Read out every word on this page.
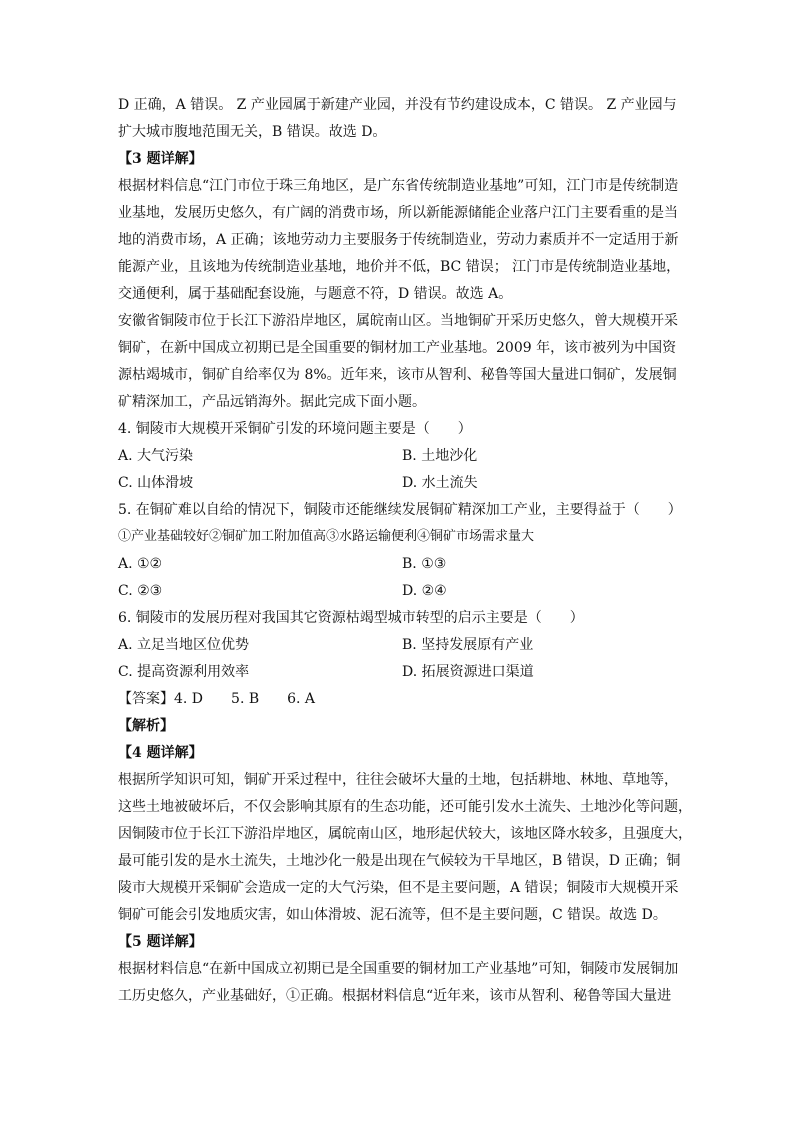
D 正确，A 错误。 Z 产业园属于新建产业园，并没有节约建设成本，C 错误。 Z 产业园与
扩大城市腹地范围无关，B 错误。故选 D。
【3 题详解】
根据材料信息“江门市位于珠三角地区，是广东省传统制造业基地”可知，江门市是传统制造
业基地，发展历史悠久，有广阔的消费市场，所以新能源储能企业落户江门主要看重的是当
地的消费市场，A 正确；该地劳动力主要服务于传统制造业，劳动力素质并不一定适用于新
能源产业，且该地为传统制造业基地，地价并不低，BC 错误； 江门市是传统制造业基地，
交通便利，属于基础配套设施，与题意不符，D 错误。故选 A。
安徽省铜陵市位于长江下游沿岸地区，属皖南山区。当地铜矿开采历史悠久，曾大规模开采
铜矿，在新中国成立初期已是全国重要的铜材加工产业基地。2009 年，该市被列为中国资
源枯竭城市，铜矿自给率仅为 8%。近年来，该市从智利、秘鲁等国大量进口铜矿，发展铜
矿精深加工，产品远销海外。据此完成下面小题。
4. 铜陵市大规模开采铜矿引发的环境问题主要是（　　）
A. 大气污染	B. 土地沙化
C. 山体滑坡	D. 水土流失
5. 在铜矿难以自给的情况下，铜陵市还能继续发展铜矿精深加工产业，主要得益于（　　）
①产业基础较好②铜矿加工附加值高③水路运输便利④铜矿市场需求量大
A. ①②	B. ①③
C. ②③	D. ②④
6. 铜陵市的发展历程对我国其它资源枯竭型城市转型的启示主要是（　　）
A. 立足当地区位优势	B. 坚持发展原有产业
C. 提高资源利用效率	D. 拓展资源进口渠道
【答案】4. D　　5. B　　6. A
【解析】
【4 题详解】
根据所学知识可知，铜矿开采过程中，往往会破坏大量的土地，包括耕地、林地、草地等，
这些土地被破坏后，不仅会影响其原有的生态功能，还可能引发水土流失、土地沙化等问题，
因铜陵市位于长江下游沿岸地区，属皖南山区，地形起伏较大，该地区降水较多，且强度大，
最可能引发的是水土流失，土地沙化一般是出现在气候较为干旱地区，B 错误，D 正确；铜
陵市大规模开采铜矿会造成一定的大气污染，但不是主要问题，A 错误；铜陵市大规模开采
铜矿可能会引发地质灾害，如山体滑坡、泥石流等，但不是主要问题，C 错误。故选 D。
【5 题详解】
根据材料信息“在新中国成立初期已是全国重要的铜材加工产业基地”可知，铜陵市发展铜加
工历史悠久，产业基础好，①正确。根据材料信息“近年来，该市从智利、秘鲁等国大量进
